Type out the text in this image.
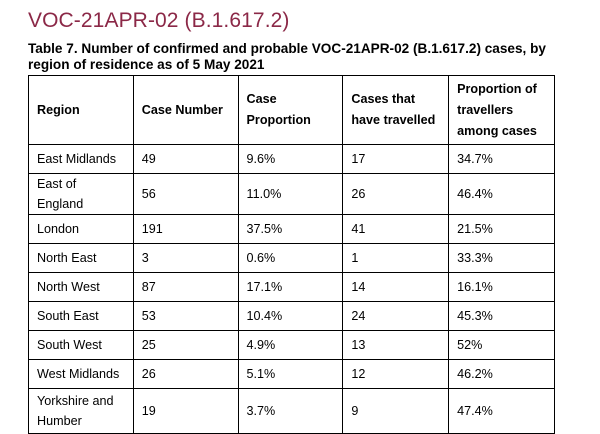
VOC-21APR-02 (B.1.617.2)

Table 7. Number of confirmed and probable VOC-21APR-02 (B.1.617.2) cases, by region of residence as of 5 May 2021

Region	Case Number	Case Proportion	Cases that have travelled	Proportion of travellers among cases
East Midlands	49	9.6%	17	34.7%
East of England	56	11.0%	26	46.4%
London	191	37.5%	41	21.5%
North East	3	0.6%	1	33.3%
North West	87	17.1%	14	16.1%
South East	53	10.4%	24	45.3%
South West	25	4.9%	13	52%
West Midlands	26	5.1%	12	46.2%
Yorkshire and Humber	19	3.7%	9	47.4%
